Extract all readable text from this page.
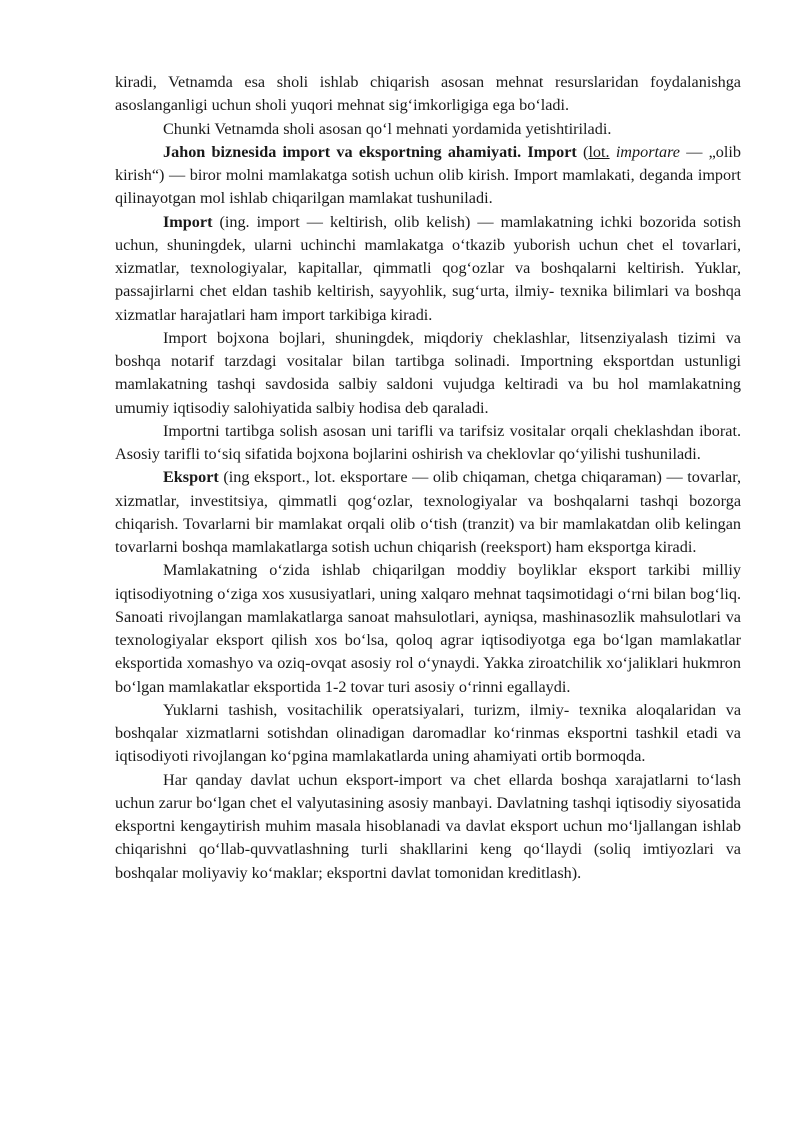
kiradi, Vetnamda esa sholi ishlab chiqarish asosan mehnat resurslaridan foydalanishga asoslanganligi uchun sholi yuqori mehnat sig‘imkorligiga ega bo‘ladi.

Chunki Vetnamda sholi asosan qo‘l mehnati yordamida yetishtiriladi.

Jahon biznesida import va eksportning ahamiyati. Import (lot. importare — „olib kirish“) — biror molni mamlakatga sotish uchun olib kirish. Import mamlakati, deganda import qilinayotgan mol ishlab chiqarilgan mamlakat tushuniladi.

Import (ing. import — keltirish, olib kelish) — mamlakatning ichki bozorida sotish uchun, shuningdek, ularni uchinchi mamlakatga o‘tkazib yuborish uchun chet el tovarlari, xizmatlar, texnologiyalar, kapitallar, qimmatli qog‘ozlar va boshqalarni keltirish. Yuklar, passajirlarni chet eldan tashib keltirish, sayyohlik, sug‘urta, ilmiy- texnika bilimlari va boshqa xizmatlar harajatlari ham import tarkibiga kiradi.

Import bojxona bojlari, shuningdek, miqdoriy cheklashlar, litsenziyalash tizimi va boshqa notarif tarzdagi vositalar bilan tartibga solinadi. Importning eksportdan ustunligi mamlakatning tashqi savdosida salbiy saldoni vujudga keltiradi va bu hol mamlakatning umumiy iqtisodiy salohiyatida salbiy hodisa deb qaraladi.

Importni tartibga solish asosan uni tarifli va tarifsiz vositalar orqali cheklashdan iborat. Asosiy tarifli to‘siq sifatida bojxona bojlarini oshirish va cheklovlar qo‘yilishi tushuniladi.

Eksport (ing eksport., lot. eksportare — olib chiqaman, chetga chiqaraman) — tovarlar, xizmatlar, investitsiya, qimmatli qog‘ozlar, texnologiyalar va boshqalarni tashqi bozorga chiqarish. Tovarlarni bir mamlakat orqali olib o‘tish (tranzit) va bir mamlakatdan olib kelingan tovarlarni boshqa mamlakatlarga sotish uchun chiqarish (reeksport) ham eksportga kiradi.

Mamlakatning o‘zida ishlab chiqarilgan moddiy boyliklar eksport tarkibi milliy iqtisodiyotning o‘ziga xos xususiyatlari, uning xalqaro mehnat taqsimotidagi o‘rni bilan bog‘liq. Sanoati rivojlangan mamlakatlarga sanoat mahsulotlari, ayniqsa, mashinasozlik mahsulotlari va texnologiyalar eksport qilish xos bo‘lsa, qoloq agrar iqtisodiyotga ega bo‘lgan mamlakatlar eksportida xomashyo va oziq-ovqat asosiy rol o‘ynaydi. Yakka ziroatchilik xo‘jaliklari hukmron bo‘lgan mamlakatlar eksportida 1-2 tovar turi asosiy o‘rinni egallaydi.

Yuklarni tashish, vositachilik operatsiyalari, turizm, ilmiy- texnika aloqalaridan va boshqalar xizmatlarni sotishdan olinadigan daromadlar ko‘rinmas eksportni tashkil etadi va iqtisodiyoti rivojlangan ko‘pgina mamlakatlarda uning ahamiyati ortib bormoqda.

Har qanday davlat uchun eksport-import va chet ellarda boshqa xarajatlarni to‘lash uchun zarur bo‘lgan chet el valyutasining asosiy manbayi. Davlatning tashqi iqtisodiy siyosatida eksportni kengaytirish muhim masala hisoblanadi va davlat eksport uchun mo‘ljallangan ishlab chiqarishni qo‘llab-quvvatlashning turli shakllarini keng qo‘llaydi (soliq imtiyozlari va boshqalar moliyaviy ko‘maklar; eksportni davlat tomonidan kreditlash).
